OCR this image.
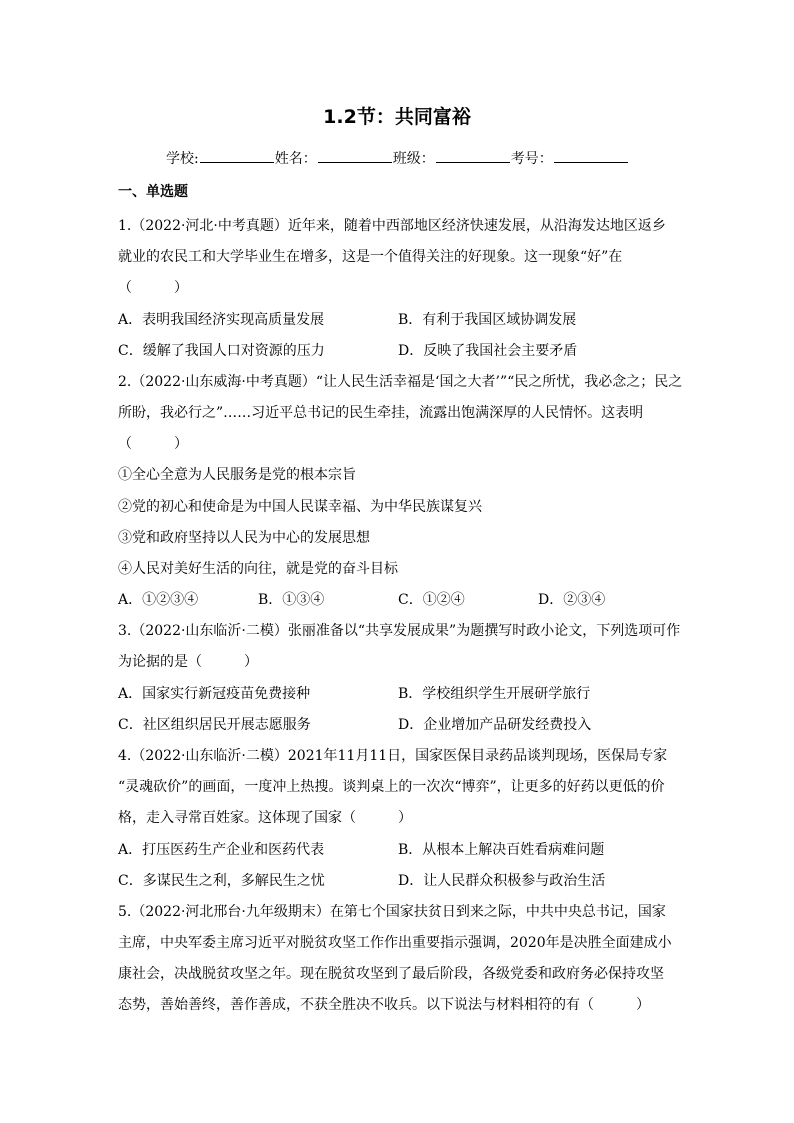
1.2节：共同富裕
学校:	姓名：	班级：	考号：
一、单选题
1.（2022·河北·中考真题）近年来，随着中西部地区经济快速发展，从沿海发达地区返乡
就业的农民工和大学毕业生在增多，这是一个值得关注的好现象。这一现象“好”在
（　　　）
A．表明我国经济实现高质量发展	B．有利于我国区域协调发展
C．缓解了我国人口对资源的压力	D．反映了我国社会主要矛盾
2.（2022·山东威海·中考真题）“让人民生活幸福是‘国之大者’”“民之所忧，我必念之；民之
所盼，我必行之”……习近平总书记的民生牵挂，流露出饱满深厚的人民情怀。这表明
（　　　）
①全心全意为人民服务是党的根本宗旨
②党的初心和使命是为中国人民谋幸福、为中华民族谋复兴
③党和政府坚持以人民为中心的发展思想
④人民对美好生活的向往，就是党的奋斗目标
A．①②③④	B．①③④	C．①②④	D．②③④
3.（2022·山东临沂·二模）张丽准备以“共享发展成果”为题撰写时政小论文，下列选项可作
为论据的是（　　　）
A．国家实行新冠疫苗免费接种	B．学校组织学生开展研学旅行
C．社区组织居民开展志愿服务	D．企业增加产品研发经费投入
4.（2022·山东临沂·二模）2021年11月11日，国家医保目录药品谈判现场，医保局专家
“灵魂砍价”的画面，一度冲上热搜。谈判桌上的一次次“博弈”，让更多的好药以更低的价
格，走入寻常百姓家。这体现了国家（　　　）
A．打压医药生产企业和医药代表	B．从根本上解决百姓看病难问题
C．多谋民生之利，多解民生之忧	D．让人民群众积极参与政治生活
5.（2022·河北邢台·九年级期末）在第七个国家扶贫日到来之际，中共中央总书记，国家
主席，中央军委主席习近平对脱贫攻坚工作作出重要指示强调，2020年是决胜全面建成小
康社会，决战脱贫攻坚之年。现在脱贫攻坚到了最后阶段，各级党委和政府务必保持攻坚
态势，善始善终，善作善成，不获全胜决不收兵。以下说法与材料相符的有（　　　）
